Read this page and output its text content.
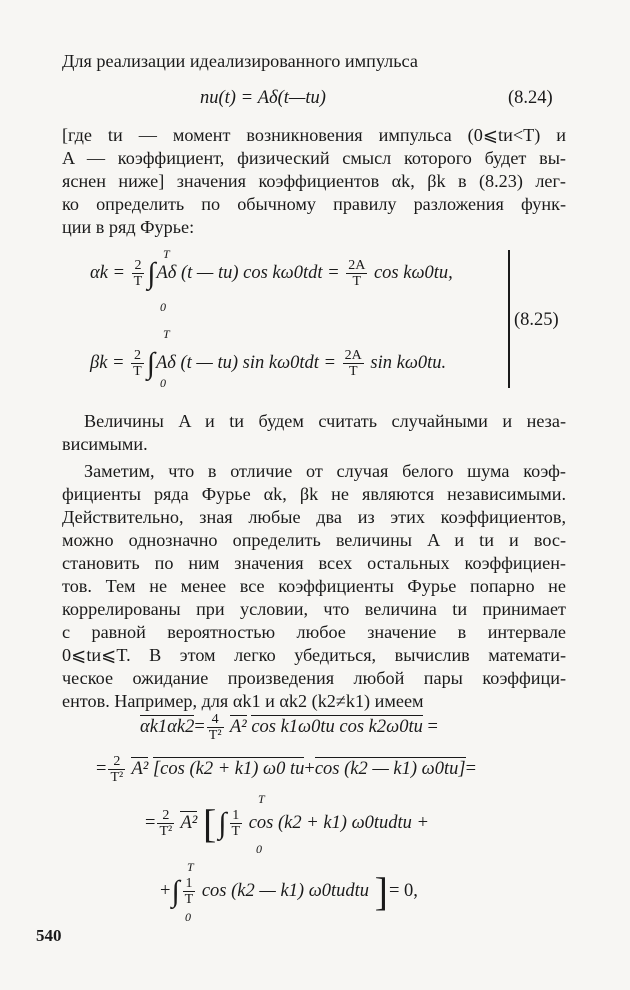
Для реализации идеализированного импульса
nи(t) = Aδ(t—tи)	(8.24)
[где tи — момент возникновения импульса (0⩽tи<T) и
A — коэффициент, физический смысл которого будет вы-
яснен ниже] значения коэффициентов αk, βk в (8.23) лег-
ко определить по обычному правилу разложения функ-
ции в ряд Фурье:
$\alpha k = \frac{2}{T} \int A\delta$ (t — tи) $\cos k\omega 0tdt = \frac{2A}{T}$ cos kω0tи,
T
0
$\beta k = \frac{2}{T} \int A\delta$ (t — tи) $\sin k\omega 0tdt = \frac{2A}{T}$ sin kω0tи.
T
0
(8.25)
Величины A и tи будем считать случайными и неза-
висимыми.
Заметим, что в отличие от случая белого шума коэф-
фициенты ряда Фурье αk, βk не являются независимыми.
Действительно, зная любые два из этих коэффициентов,
можно однозначно определить величины A и tи и вос-
становить по ним значения всех остальных коэффициен-
тов. Тем не менее все коэффициенты Фурье попарно не
коррелированы при условии, что величина tи принимает
с равной вероятностью любое значение в интервале
0⩽tи⩽T. В этом легко убедиться, вычислив математи-
ческое ожидание произведения любой пары коэффици-
ентов. Например, для αk1 и αk2 (k2≠k1) имеем
$\alpha k1\alpha k2= \frac{4}{\text{T²}} A^2$ cos k1ω0tи cos k2ω0tи =
= $\frac{2}{\text{T²}} A^2$ [cos (k2 + k1) ω0 tи+cos (k2 — k1) ω0tи]=
= $\frac{2}{\text{T²}} A^2$ [∫ $\frac{1}{T}$ cos (k2 + k1) ω0tиdtи +
T
0
+∫ $\frac{1}{T}$ cos (k2 — k1) ω0tиdtи ]= 0,
T
0
540
